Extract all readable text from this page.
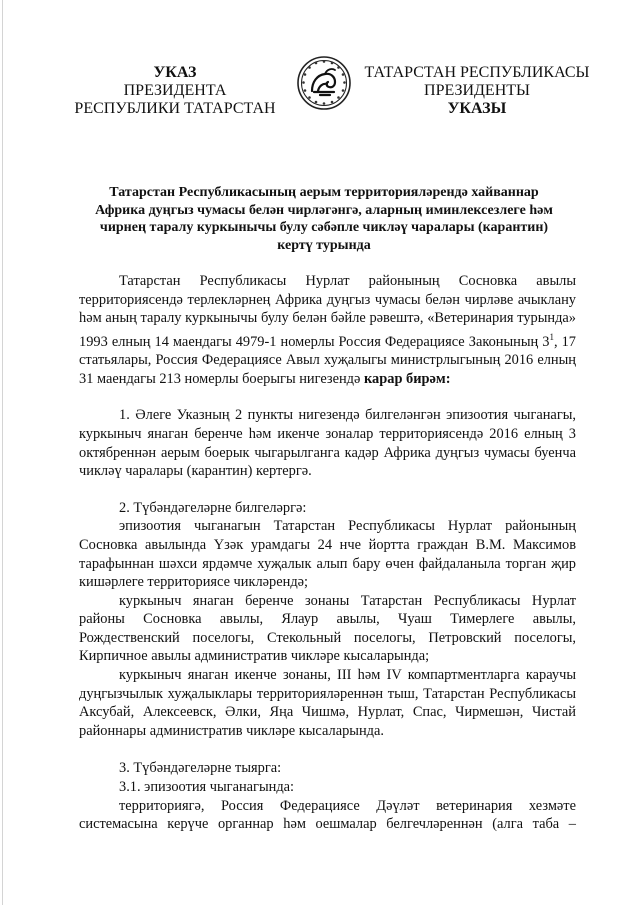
УКАЗ
ПРЕЗИДЕНТА
РЕСПУБЛИКИ ТАТАРСТАН
ТАТАРСТАН РЕСПУБЛИКАСЫ
ПРЕЗИДЕНТЫ
УКАЗЫ
Татарстан Республикасының аерым территорияләрендә хайваннар Африка дуңгыз чумасы белән чирләгәнгә, аларның иминлексезлеге һәм чирнең таралу куркынычы булу сәбәпле чикләү чаралары (карантин) кертү турында

Татарстан Республикасы Нурлат районының Сосновка авылы территориясендә терлекләрнең Африка дуңгыз чумасы белән чирләве ачыклану һәм аның таралу куркынычы булу белән бәйле рәвештә, «Ветеринария турында» 1993 елның 14 маендагы 4979-1 номерлы Россия Федерациясе Законының $3^1$, 17 статьялары, Россия Федерациясе Авыл хуҗалыгы министрлыгының 2016 елның 31 маендагы 213 номерлы боерыгы нигезендә карар бирәм:

1. Әлеге Указның 2 пункты нигезендә билгеләнгән эпизоотия чыганагы, куркыныч янаган беренче һәм икенче зоналар территориясендә 2016 елның 3 октябреннән аерым боерык чыгарылганга кадәр Африка дуңгыз чумасы буенча чикләү чаралары (карантин) кертергә.

2. Түбәндәгеләрне билгеләргә:

эпизоотия чыганагын Татарстан Республикасы Нурлат районының Сосновка авылында Үзәк урамдагы 24 нче йортта граждан В.М. Максимов тарафыннан шәхси ярдәмче хуҗалык алып бару өчен файдаланыла торган җир кишәрлеге территориясе чикләрендә;

куркыныч янаган беренче зонаны Татарстан Республикасы Нурлат районы Сосновка авылы, Ялаур авылы, Чуаш Тимерлеге авылы, Рождественский поселогы, Стекольный поселогы, Петровский поселогы, Кирпичное авылы административ чикләре кысаларында;

куркыныч янаган икенче зонаны, III һәм IV компартментларга караучы дуңгызчылык хуҗалыклары территорияләреннән тыш, Татарстан Республикасы Аксубай, Алексеевск, Әлки, Яңа Чишмә, Нурлат, Спас, Чирмешән, Чистай районнары административ чикләре кысаларында.

3. Түбәндәгеләрне тыярга:

3.1. эпизоотия чыганагында:

территориягә, Россия Федерациясе Дәүләт ветеринария хезмәте системасына керүче органнар һәм оешмалар белгечләреннән (алга таба –
